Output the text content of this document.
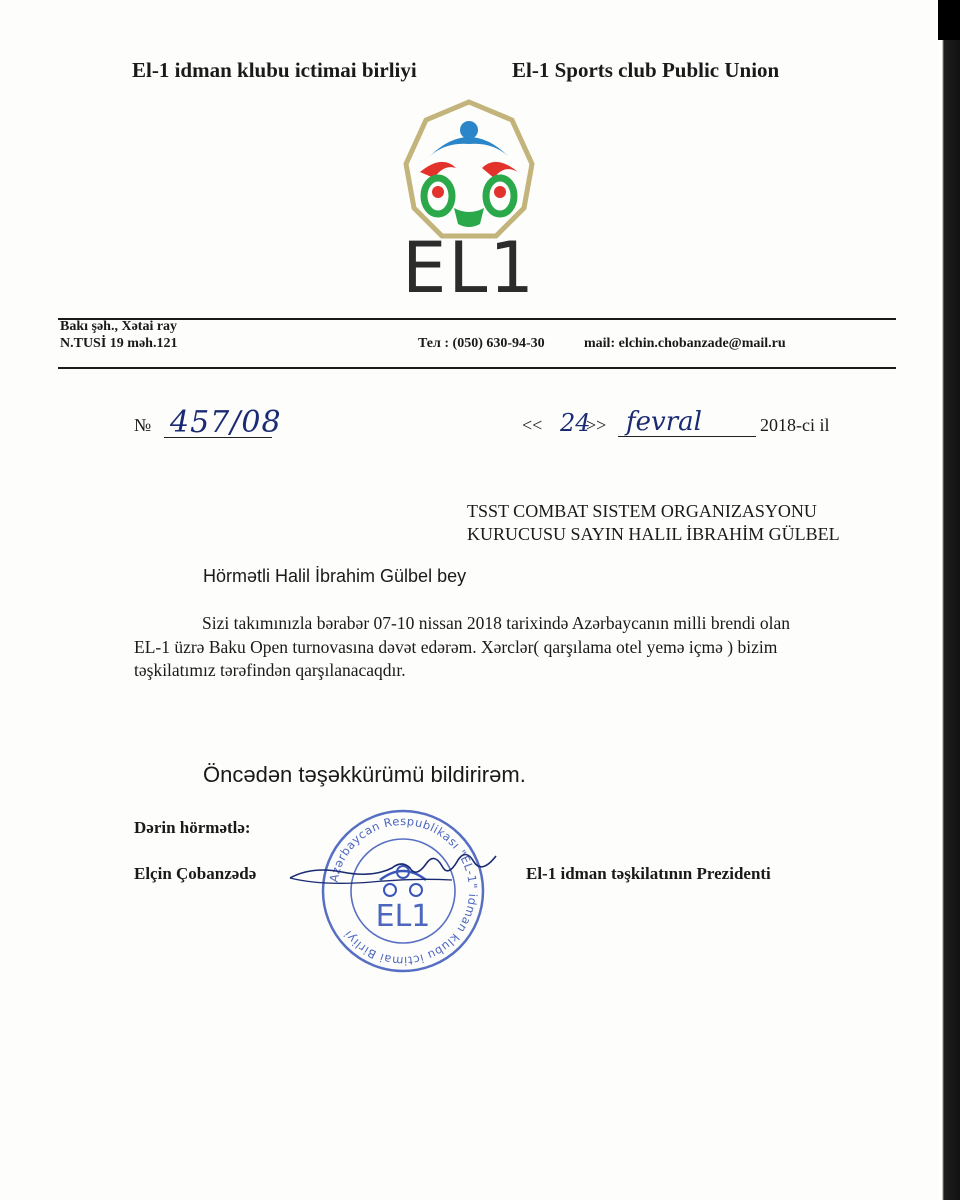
El-1 idman klubu ictimai birliyi	El-1 Sports club Public Union
EL1
Bakı şəh., Xətai ray
N.TUSİ 19 məh.121	Тел : (050) 630-94-30	mail: elchin.chobanzade@mail.ru
№ 457/08	<< 24
>> fevral	2018-ci il
TSST COMBAT SISTEM ORGANIZASYONU
KURUCUSU SAYIN HALIL İBRAHİM GÜLBEL
Hörmətli Halil İbrahim Gülbel bey
Sizi takımınızla bərabər 07-10 nissan 2018 tarixində Azərbaycanın milli brendi olan
EL-1 üzrə Baku Open turnovasına dəvət edərəm. Xərclər( qarşılama otel yemə içmə ) bizim
təşkilatımız tərəfindən qarşılanacaqdır.
Öncədən təşəkkürümü bildirirəm.
Dərin hörmətlə:
Elçin Çobanzədə	El-1 idman təşkilatının Prezidenti
Azərbaycan Respublikası "EL-1" idman klubu ictimai Birliyi EL1
